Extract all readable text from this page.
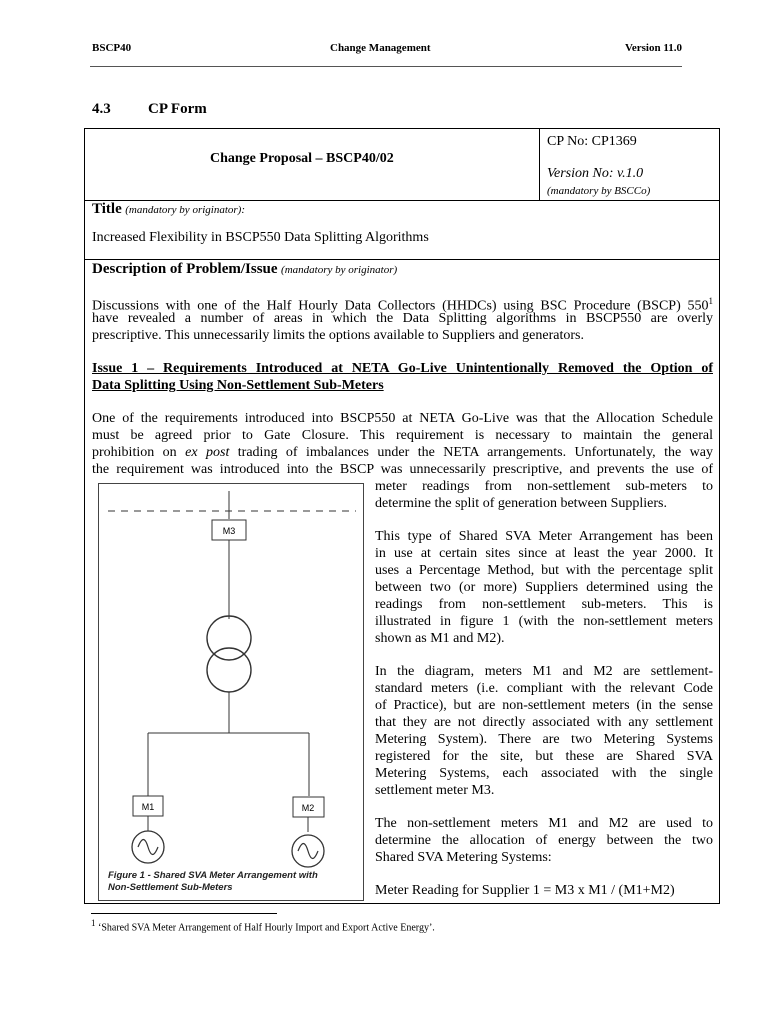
BSCP40	Change Management	Version 11.0
4.3 CP Form
Change Proposal – BSCP40/02
CP No: CP1369
Version No: v.1.0
(mandatory by BSCCo)
Title (mandatory by originator):
Increased Flexibility in BSCP550 Data Splitting Algorithms
Description of Problem/Issue (mandatory by originator)
Discussions with one of the Half Hourly Data Collectors (HHDCs) using BSC Procedure (BSCP) $550^1$
have revealed a number of areas in which the Data Splitting algorithms in BSCP550 are overly
prescriptive. This unnecessarily limits the options available to Suppliers and generators.
Issue 1 – Requirements Introduced at NETA Go-Live Unintentionally Removed the Option of
Data Splitting Using Non-Settlement Sub-Meters
One of the requirements introduced into BSCP550 at NETA Go-Live was that the Allocation Schedule
must be agreed prior to Gate Closure. This requirement is necessary to maintain the general
prohibition on ex post trading of imbalances under the NETA arrangements. Unfortunately, the way
the requirement was introduced into the BSCP was unnecessarily prescriptive, and prevents the use of
meter readings from non-settlement sub-meters to
determine the split of generation between Suppliers.
This type of Shared SVA Meter Arrangement has been
in use at certain sites since at least the year 2000. It
uses a Percentage Method, but with the percentage split
between two (or more) Suppliers determined using the
readings from non-settlement sub-meters. This is
illustrated in figure 1 (with the non-settlement meters
shown as M1 and M2).
In the diagram, meters M1 and M2 are settlement-
standard meters (i.e. compliant with the relevant Code
of Practice), but are non-settlement meters (in the sense
that they are not directly associated with any settlement
Metering System). There are two Metering Systems
registered for the site, but these are Shared SVA
Metering Systems, each associated with the single
settlement meter M3.
The non-settlement meters M1 and M2 are used to
determine the allocation of energy between the two
Shared SVA Metering Systems:
Meter Reading for Supplier 1 = M3 x M1 / (M1+M2)
M3
M1	M2
Figure 1 - Shared SVA Meter Arrangement with
Non-Settlement Sub-Meters
$^1$ ‘Shared SVA Meter Arrangement of Half Hourly Import and Export Active Energy’.
